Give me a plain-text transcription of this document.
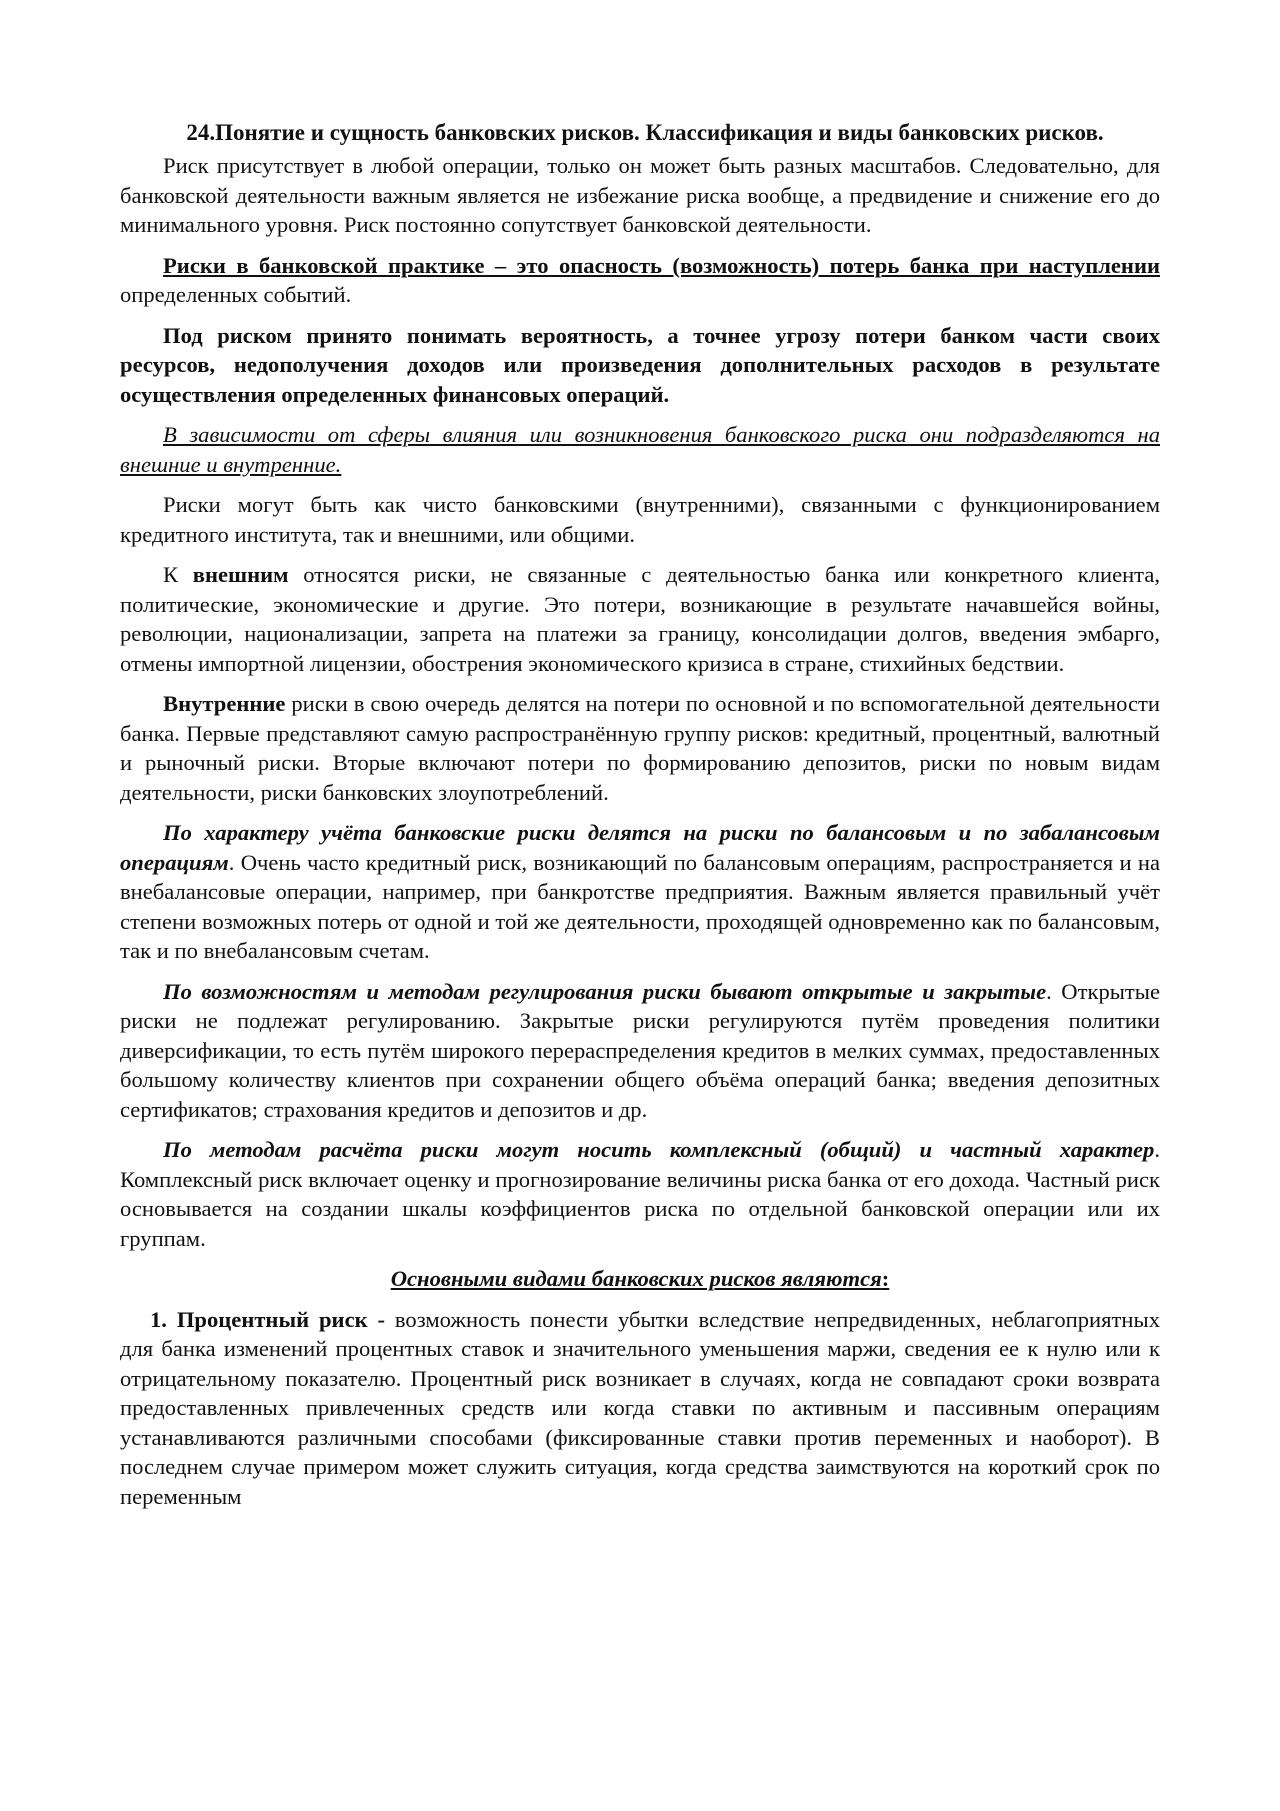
24.Понятие и сущность банковских рисков. Классификация и виды банковских рисков.
Риск присутствует в любой операции, только он может быть разных масштабов. Следовательно, для банковской деятельности важным является не избежание риска вообще, а предвидение и снижение его до минимального уровня. Риск постоянно сопутствует банковской деятельности.
Риски в банковской практике – это опасность (возможность) потерь банка при наступлении определенных событий.
Под риском принято понимать вероятность, а точнее угрозу потери банком части своих ресурсов, недополучения доходов или произведения дополнительных расходов в результате осуществления определенных финансовых операций.
В зависимости от сферы влияния или возникновения банковского риска они подразделяются на внешние и внутренние.
Риски могут быть как чисто банковскими (внутренними), связанными с функционированием кредитного института, так и внешними, или общими.
К внешним относятся риски, не связанные с деятельностью банка или конкретного клиента, политические, экономические и другие. Это потери, возникающие в результате начавшейся войны, революции, национализации, запрета на платежи за границу, консолидации долгов, введения эмбарго, отмены импортной лицензии, обострения экономического кризиса в стране, стихийных бедствии.
Внутренние риски в свою очередь делятся на потери по основной и по вспомогательной деятельности банка. Первые представляют самую распространённую группу рисков: кредитный, процентный, валютный и рыночный риски. Вторые включают потери по формированию депозитов, риски по новым видам деятельности, риски банковских злоупотреблений.
По характеру учёта банковские риски делятся на риски по балансовым и по забалансовым операциям. Очень часто кредитный риск, возникающий по балансовым операциям, распространяется и на внебалансовые операции, например, при банкротстве предприятия. Важным является правильный учёт степени возможных потерь от одной и той же деятельности, проходящей одновременно как по балансовым, так и по внебалансовым счетам.
По возможностям и методам регулирования риски бывают открытые и закрытые. Открытые риски не подлежат регулированию. Закрытые риски регулируются путём проведения политики диверсификации, то есть путём широкого перераспределения кредитов в мелких суммах, предоставленных большому количеству клиентов при сохранении общего объёма операций банка; введения депозитных сертификатов; страхования кредитов и депозитов и др.
По методам расчёта риски могут носить комплексный (общий) и частный характер. Комплексный риск включает оценку и прогнозирование величины риска банка от его дохода. Частный риск основывается на создании шкалы коэффициентов риска по отдельной банковской операции или их группам.
Основными видами банковских рисков являются:
1. Процентный риск - возможность понести убытки вследствие непредвиденных, неблагоприятных для банка изменений процентных ставок и значительного уменьшения маржи, сведения ее к нулю или к отрицательному показателю. Процентный риск возникает в случаях, когда не совпадают сроки возврата предоставленных привлеченных средств или когда ставки по активным и пассивным операциям устанавливаются различными способами (фиксированные ставки против переменных и наоборот). В последнем случае примером может служить ситуация, когда средства заимствуются на короткий срок по переменным
